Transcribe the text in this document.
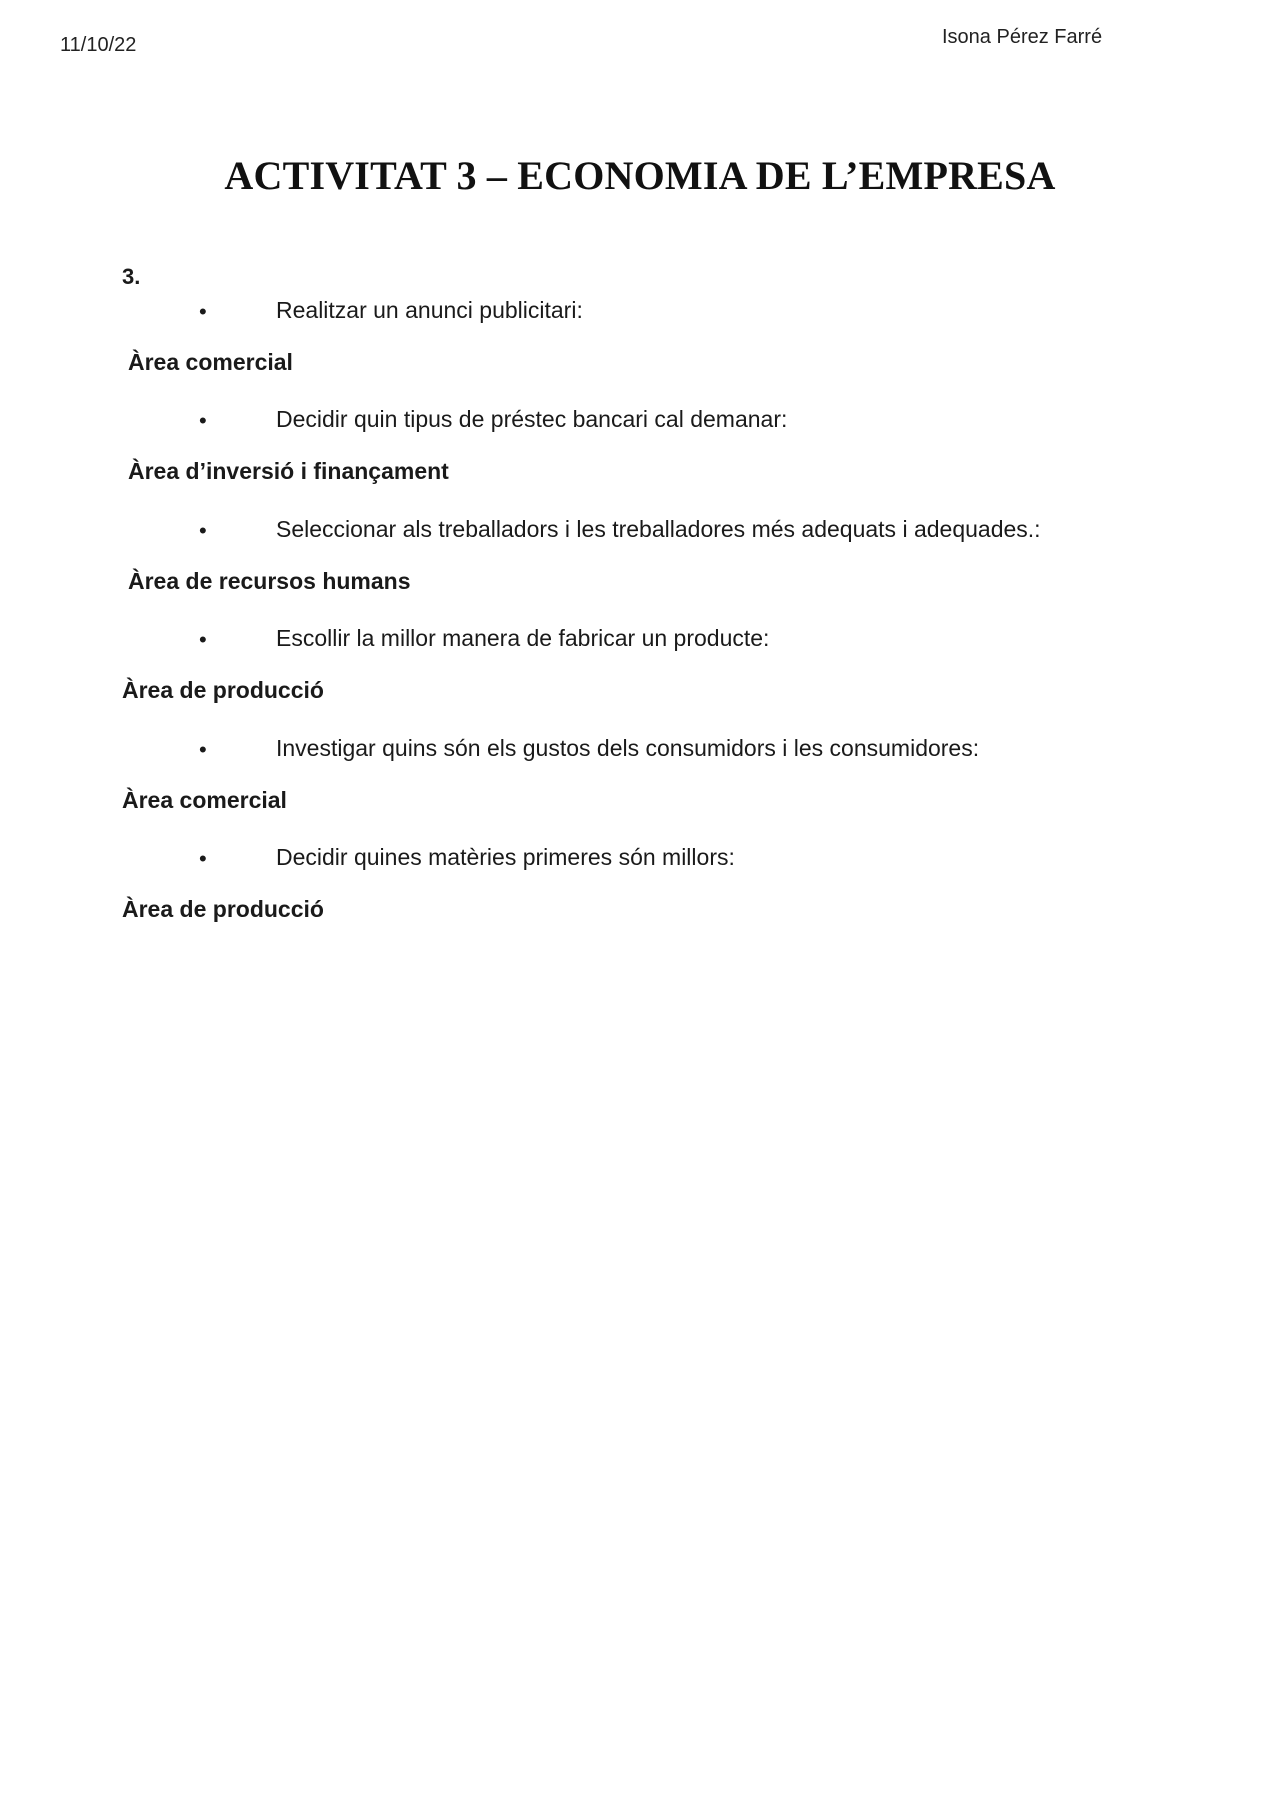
11/10/22	Isona Pérez Farré
ACTIVITAT 3 – ECONOMIA DE L’EMPRESA
3.
•	Realitzar un anunci publicitari:
Àrea comercial
•	Decidir quin tipus de préstec bancari cal demanar:
Àrea d’inversió i finançament
•	Seleccionar als treballadors i les treballadores més adequats i adequades.:
Àrea de recursos humans
•	Escollir la millor manera de fabricar un producte:
Àrea de producció
•	Investigar quins són els gustos dels consumidors i les consumidores:
Àrea comercial
•	Decidir quines matèries primeres són millors:
Àrea de producció
